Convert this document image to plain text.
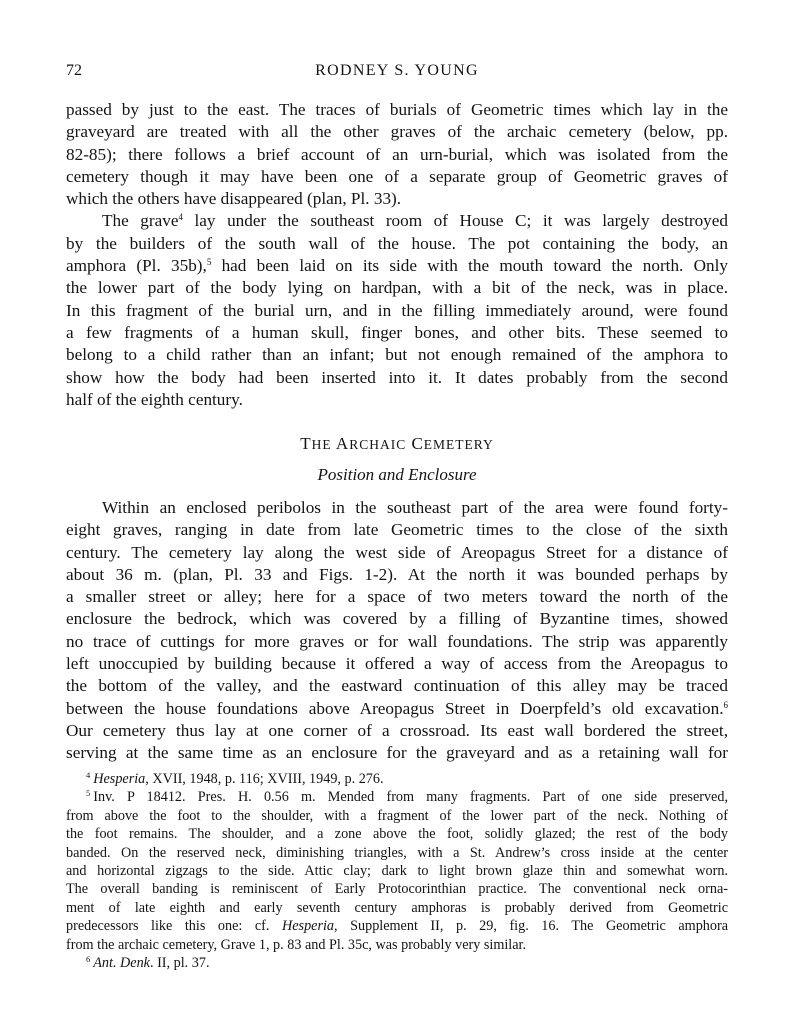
72	RODNEY S. YOUNG
passed by just to the east. The traces of burials of Geometric times which lay in the
graveyard are treated with all the other graves of the archaic cemetery (below, pp.
82-85); there follows a brief account of an urn-burial, which was isolated from the
cemetery though it may have been one of a separate group of Geometric graves of
which the others have disappeared (plan, Pl. 33).
The grave$^4$ lay under the southeast room of House C; it was largely destroyed
by the builders of the south wall of the house. The pot containing the body, an
amphora (Pl. 35b),$^5$ had been laid on its side with the mouth toward the north. Only
the lower part of the body lying on hardpan, with a bit of the neck, was in place.
In this fragment of the burial urn, and in the filling immediately around, were found
a few fragments of a human skull, finger bones, and other bits. These seemed to
belong to a child rather than an infant; but not enough remained of the amphora to
show how the body had been inserted into it. It dates probably from the second
half of the eighth century.
THE ARCHAIC CEMETERY
Position and Enclosure
Within an enclosed peribolos in the southeast part of the area were found forty-
eight graves, ranging in date from late Geometric times to the close of the sixth
century. The cemetery lay along the west side of Areopagus Street for a distance of
about 36 m. (plan, Pl. 33 and Figs. 1-2). At the north it was bounded perhaps by
a smaller street or alley; here for a space of two meters toward the north of the
enclosure the bedrock, which was covered by a filling of Byzantine times, showed
no trace of cuttings for more graves or for wall foundations. The strip was apparently
left unoccupied by building because it offered a way of access from the Areopagus to
the bottom of the valley, and the eastward continuation of this alley may be traced
between the house foundations above Areopagus Street in Doerpfeld’s old excavation.$^6$
Our cemetery thus lay at one corner of a crossroad. Its east wall bordered the street,
serving at the same time as an enclosure for the graveyard and as a retaining wall for
$^4$ Hesperia, XVII, 1948, p. 116; XVIII, 1949, p. 276.
$^5$ Inv. P 18412. Pres. H. 0.56 m. Mended from many fragments. Part of one side preserved,
from above the foot to the shoulder, with a fragment of the lower part of the neck. Nothing of
the foot remains. The shoulder, and a zone above the foot, solidly glazed; the rest of the body
banded. On the reserved neck, diminishing triangles, with a St. Andrew’s cross inside at the center
and horizontal zigzags to the side. Attic clay; dark to light brown glaze thin and somewhat worn.
The overall banding is reminiscent of Early Protocorinthian practice. The conventional neck orna-
ment of late eighth and early seventh century amphoras is probably derived from Geometric
predecessors like this one: cf. Hesperia, Supplement II, p. 29, fig. 16. The Geometric amphora
from the archaic cemetery, Grave 1, p. 83 and Pl. 35c, was probably very similar.
$^6$ Ant. Denk. II, pl. 37.
